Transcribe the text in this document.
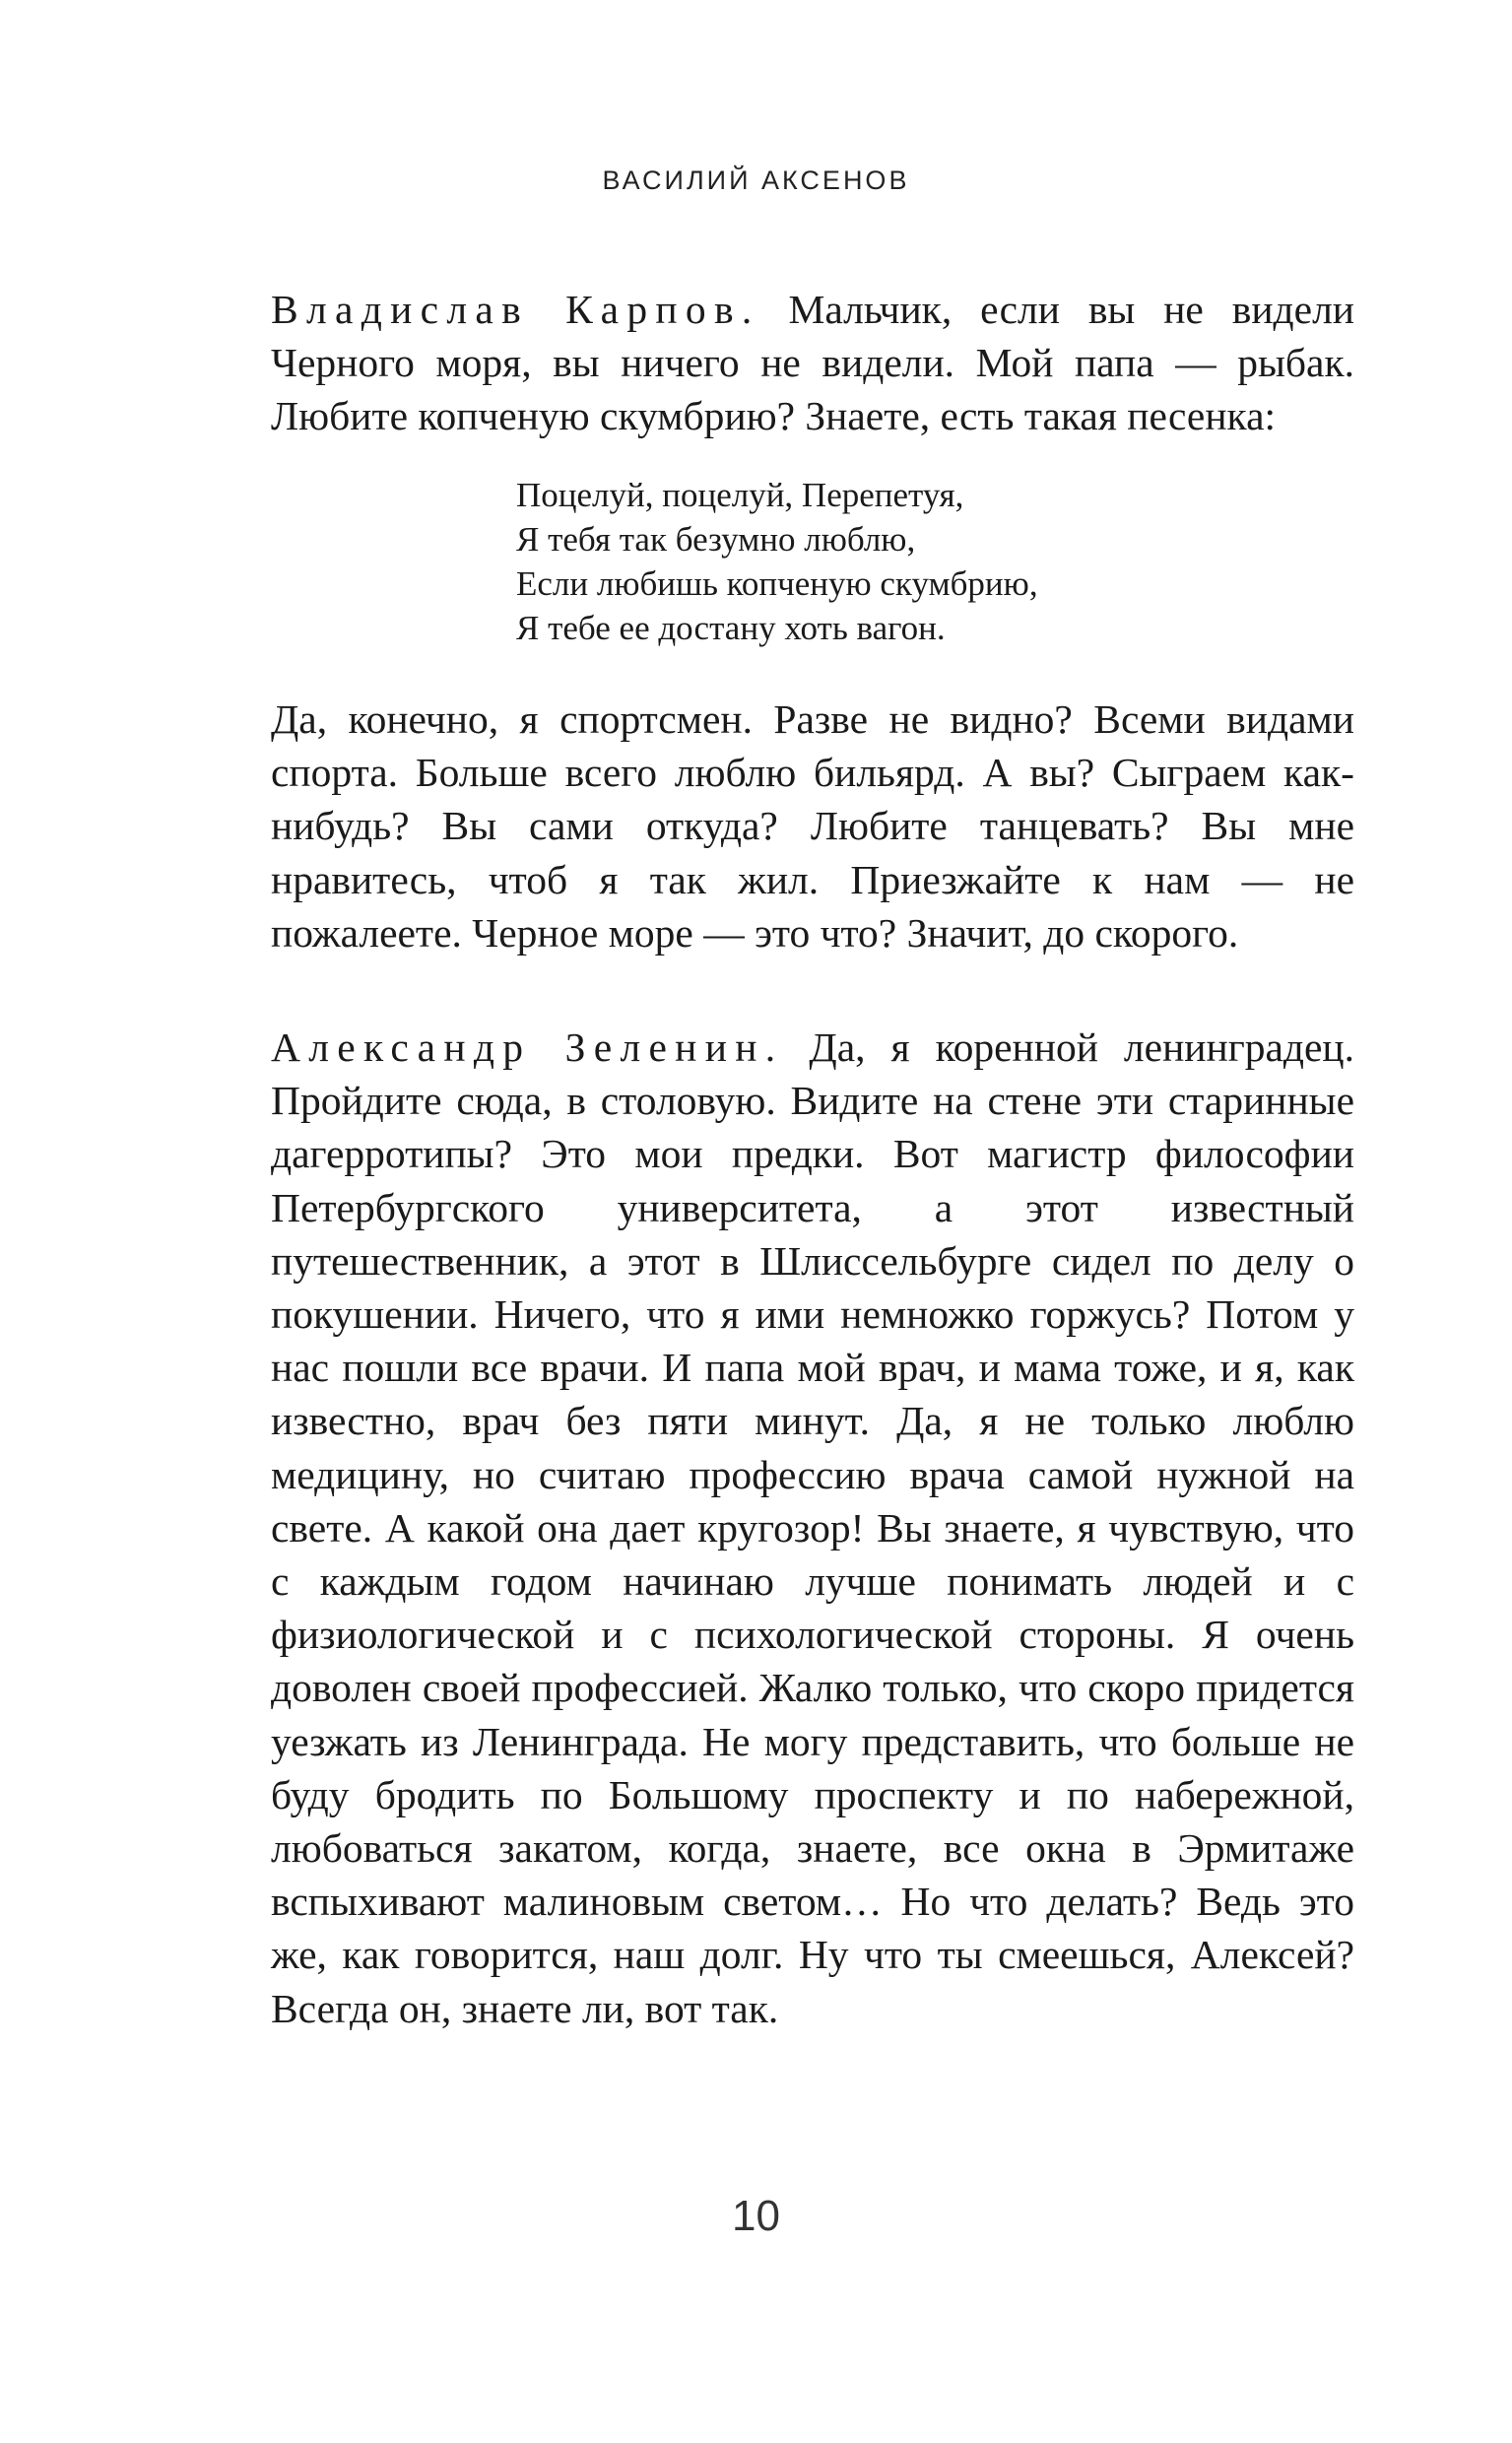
ВАСИЛИЙ АКСЕНОВ

Владислав Карпов. Мальчик, если вы не видели Черного моря, вы ничего не видели. Мой папа — рыбак. Любите копченую скумбрию? Знаете, есть такая песенка:

Поцелуй, поцелуй, Перепетуя,
Я тебя так безумно люблю,
Если любишь копченую скумбрию,
Я тебе ее достану хоть вагон.

Да, конечно, я спортсмен. Разве не видно? Всеми видами спорта. Больше всего люблю бильярд. А вы? Сыграем как-нибудь? Вы сами откуда? Любите танцевать? Вы мне нравитесь, чтоб я так жил. Приезжайте к нам — не пожалеете. Черное море — это что? Значит, до скорого.

Александр Зеленин. Да, я коренной ленинградец. Пройдите сюда, в столовую. Видите на стене эти старинные дагерротипы? Это мои предки. Вот магистр философии Петербургского университета, а этот известный путешественник, а этот в Шлиссельбурге сидел по делу о покушении. Ничего, что я ими немножко горжусь? Потом у нас пошли все врачи. И папа мой врач, и мама тоже, и я, как известно, врач без пяти минут. Да, я не только люблю медицину, но считаю профессию врача самой нужной на свете. А какой она дает кругозор! Вы знаете, я чувствую, что с каждым годом начинаю лучше понимать людей и с физиологической и с психологической стороны. Я очень доволен своей профессией. Жалко только, что скоро придется уезжать из Ленинграда. Не могу представить, что больше не буду бродить по Большому проспекту и по набережной, любоваться закатом, когда, знаете, все окна в Эрмитаже вспыхивают малиновым светом… Но что делать? Ведь это же, как говорится, наш долг. Ну что ты смеешься, Алексей? Всегда он, знаете ли, вот так.

10
